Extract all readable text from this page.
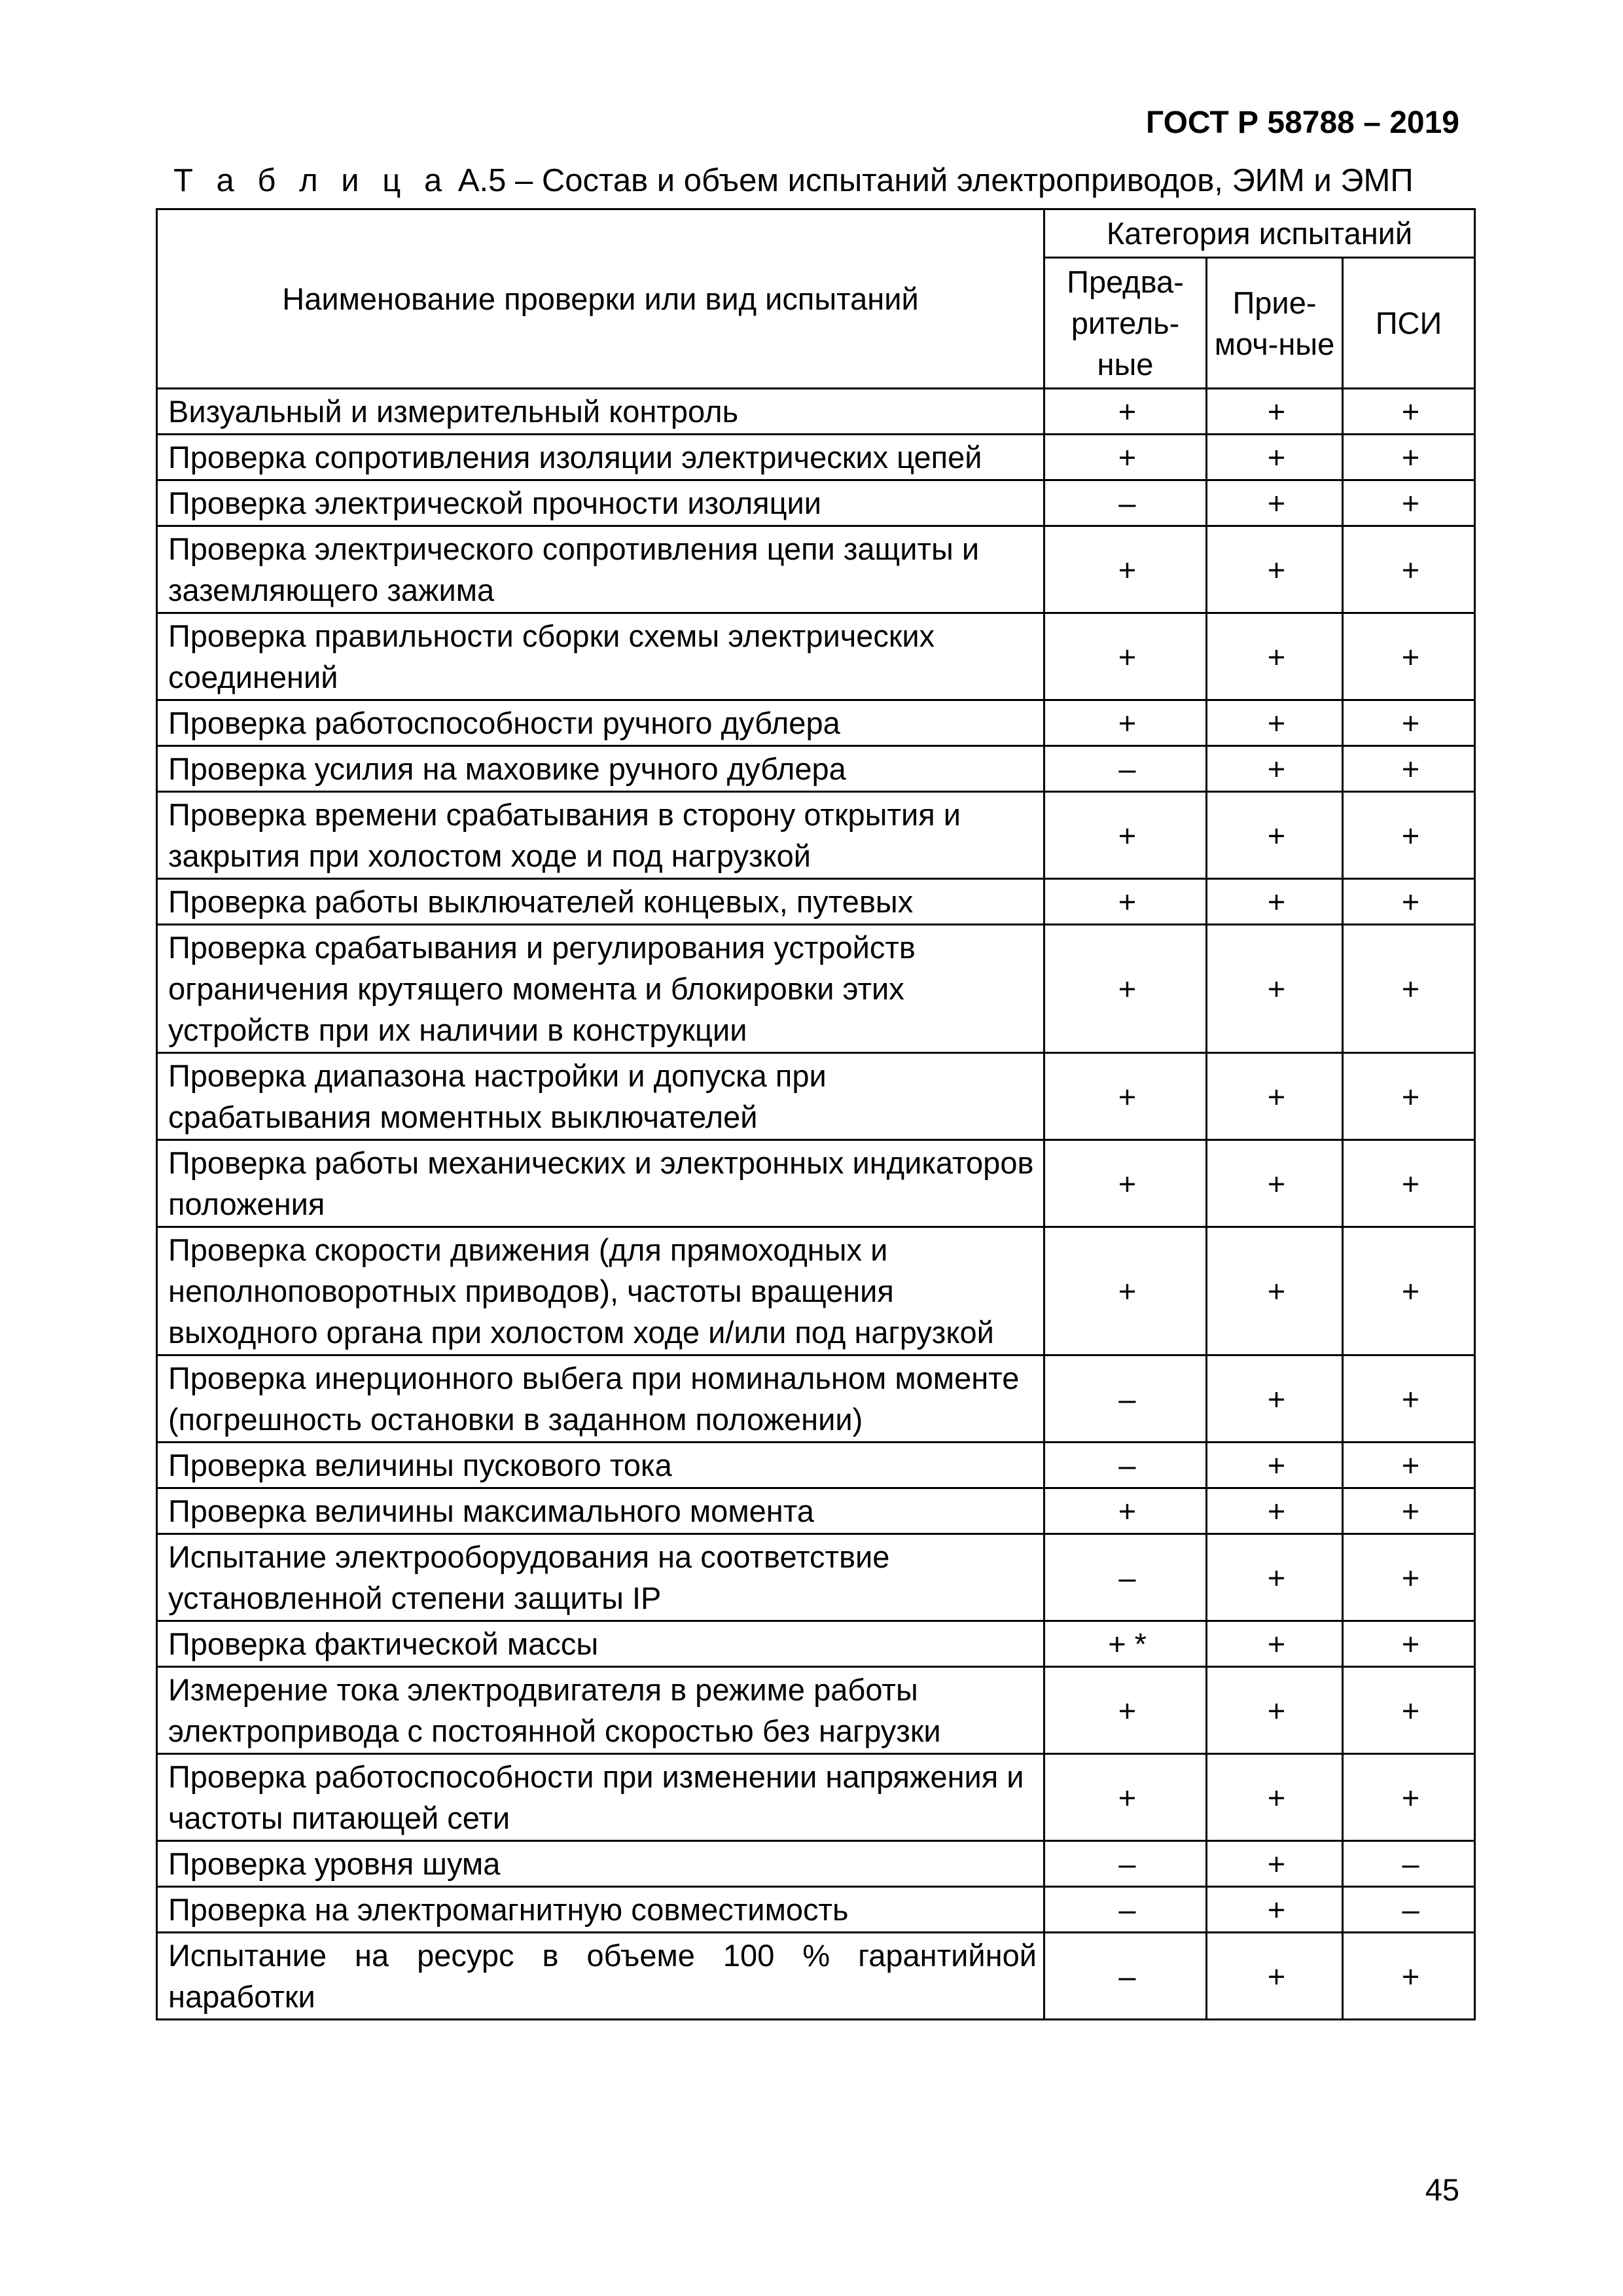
ГОСТ Р 58788 – 2019
Т а б л и ц а А.5 – Состав и объем испытаний электроприводов, ЭИМ и ЭМП
Наименование проверки или вид испытаний	Категория испытаний		
	Предва-ритель-ные	Прие-моч-ные	ПСИ
Визуальный и измерительный контроль	+	+	+
Проверка сопротивления изоляции электрических цепей	+	+	+
Проверка электрической прочности изоляции	–	+	+
Проверка электрического сопротивления цепи защиты и заземляющего зажима	+	+	+
Проверка правильности сборки схемы электрических соединений	+	+	+
Проверка работоспособности ручного дублера	+	+	+
Проверка усилия на маховике ручного дублера	–	+	+
Проверка времени срабатывания в сторону открытия и закрытия при холостом ходе и под нагрузкой	+	+	+
Проверка работы выключателей концевых, путевых	+	+	+
Проверка срабатывания и регулирования устройств ограничения крутящего момента и блокировки этих устройств при их наличии в конструкции	+	+	+
Проверка диапазона настройки и допуска при срабатывания моментных выключателей	+	+	+
Проверка работы механических и электронных индикаторов положения	+	+	+
Проверка скорости движения (для прямоходных и неполноповоротных приводов), частоты вращения выходного органа при холостом ходе и/или под нагрузкой	+	+	+
Проверка инерционного выбега при номинальном моменте (погрешность остановки в заданном положении)	–	+	+
Проверка величины пускового тока	–	+	+
Проверка величины максимального момента	+	+	+
Испытание электрооборудования на соответствие установленной степени защиты IP	–	+	+
Проверка фактической массы	+ *	+	+
Измерение тока электродвигателя в режиме работы электропривода с постоянной скоростью без нагрузки	+	+	+
Проверка работоспособности при изменении напряжения и частоты питающей сети	+	+	+
Проверка уровня шума	–	+	–
Проверка на электромагнитную совместимость	–	+	–
Испытание на ресурс в объеме 100 % гарантийной наработки	–	+	+
45
